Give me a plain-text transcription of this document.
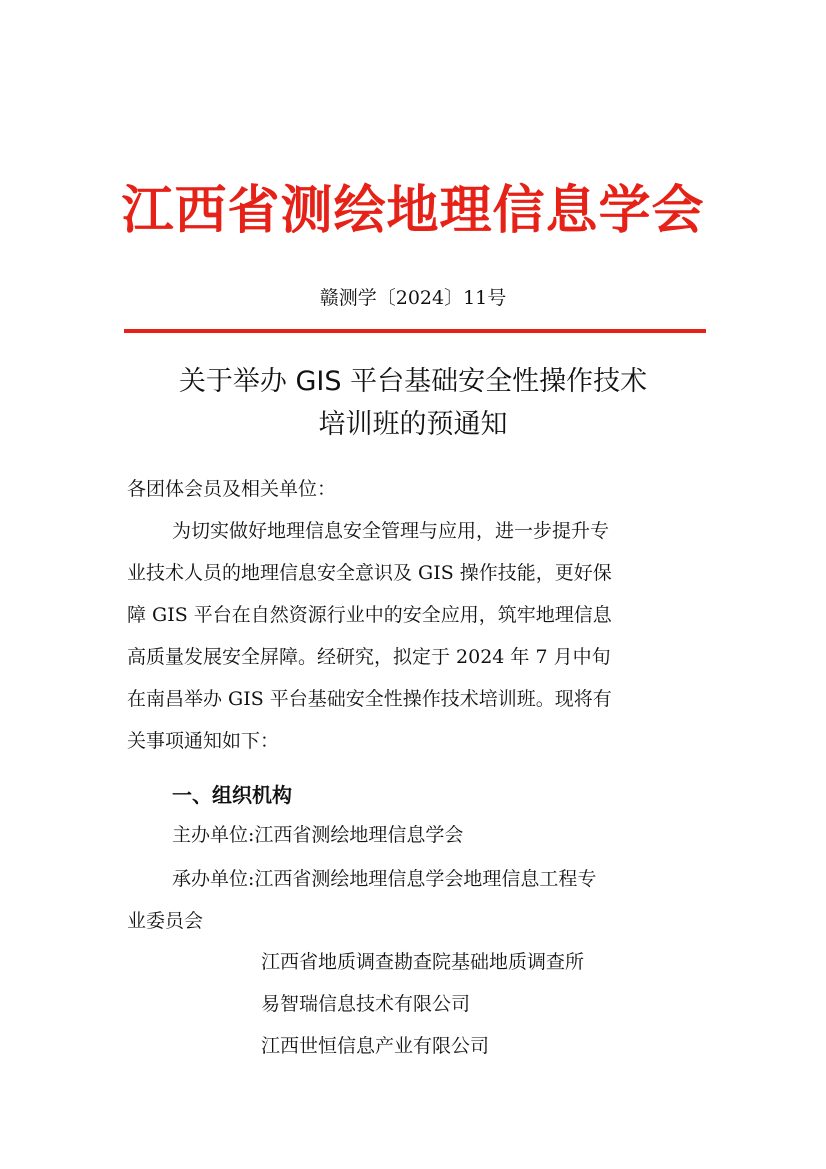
江西省测绘地理信息学会
赣测学〔2024〕11号
关于举办 GIS 平台基础安全性操作技术
培训班的预通知
各团体会员及相关单位：
为切实做好地理信息安全管理与应用，进一步提升专
业技术人员的地理信息安全意识及 GIS 操作技能，更好保
障 GIS 平台在自然资源行业中的安全应用，筑牢地理信息
高质量发展安全屏障。经研究，拟定于 2024 年 7 月中旬
在南昌举办 GIS 平台基础安全性操作技术培训班。现将有
关事项通知如下：
一、组织机构
主办单位:江西省测绘地理信息学会
承办单位:江西省测绘地理信息学会地理信息工程专
业委员会
江西省地质调查勘查院基础地质调查所
易智瑞信息技术有限公司
江西世恒信息产业有限公司
